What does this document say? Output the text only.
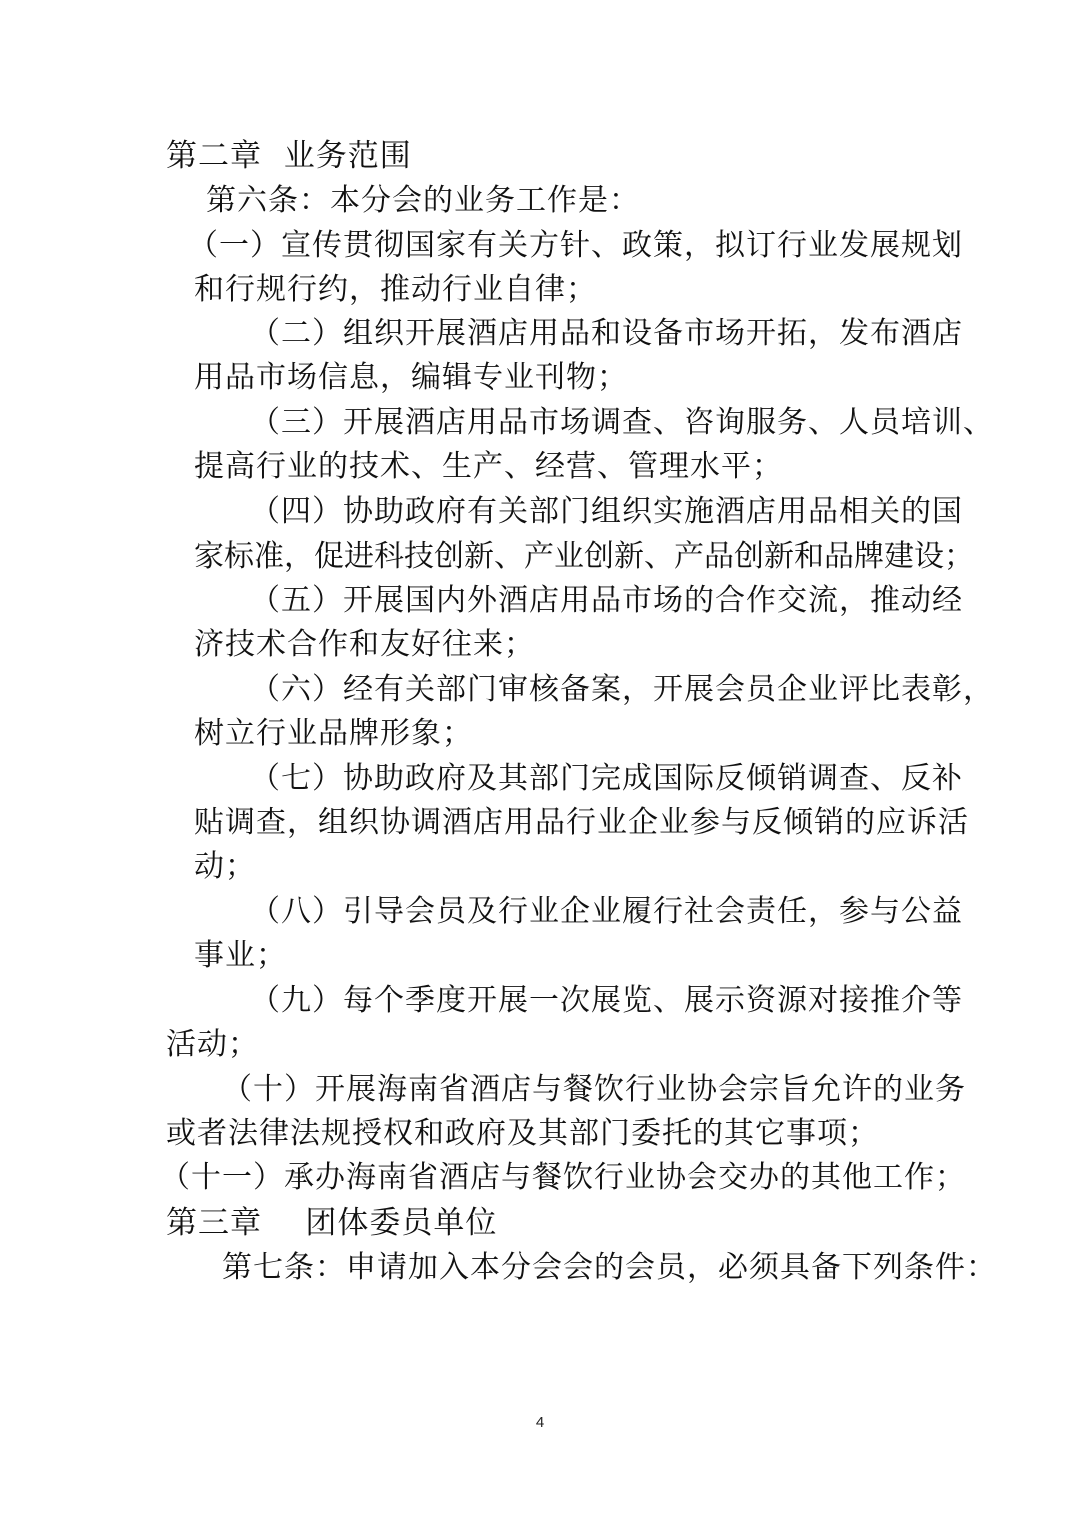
第二章  业务范围
第六条：本分会的业务工作是：
（一）宣传贯彻国家有关方针、政策，拟订行业发展规划
和行规行约，推动行业自律；
（二）组织开展酒店用品和设备市场开拓，发布酒店
用品市场信息，编辑专业刊物；
（三）开展酒店用品市场调查、咨询服务、人员培训、
提高行业的技术、生产、经营、管理水平；
（四）协助政府有关部门组织实施酒店用品相关的国
家标准，促进科技创新、产业创新、产品创新和品牌建设；
（五）开展国内外酒店用品市场的合作交流，推动经
济技术合作和友好往来；
（六）经有关部门审核备案，开展会员企业评比表彰，
树立行业品牌形象；
（七）协助政府及其部门完成国际反倾销调查、反补
贴调查，组织协调酒店用品行业企业参与反倾销的应诉活
动；
（八）引导会员及行业企业履行社会责任，参与公益
事业；
（九）每个季度开展一次展览、展示资源对接推介等
活动；
（十）开展海南省酒店与餐饮行业协会宗旨允许的业务
或者法律法规授权和政府及其部门委托的其它事项；
（十一）承办海南省酒店与餐饮行业协会交办的其他工作；
第三章    团体委员单位
第七条：申请加入本分会会的会员，必须具备下列条件：
4
